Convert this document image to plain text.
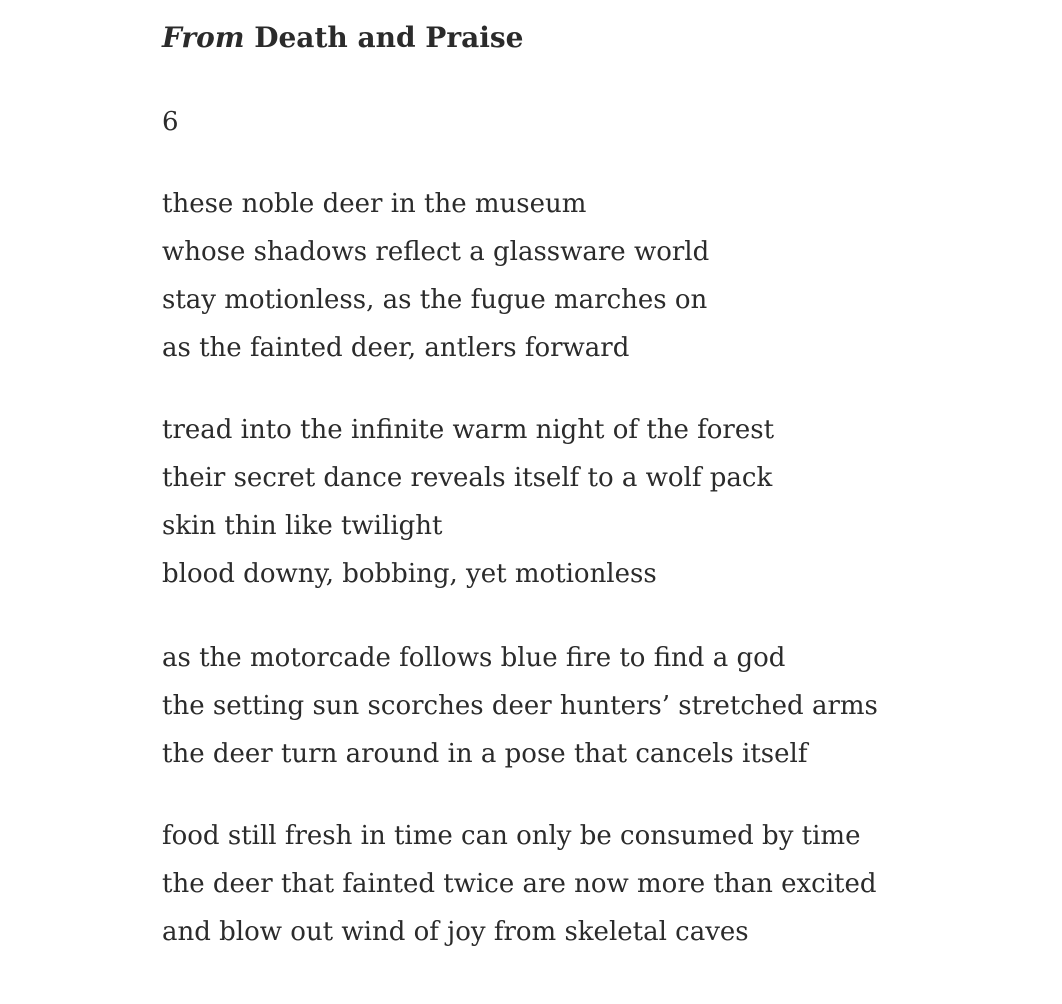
From Death and Praise

6

these noble deer in the museum
whose shadows reflect a glassware world
stay motionless, as the fugue marches on
as the fainted deer, antlers forward
tread into the infinite warm night of the forest
their secret dance reveals itself to a wolf pack
skin thin like twilight
blood downy, bobbing, yet motionless
as the motorcade follows blue fire to find a god
the setting sun scorches deer hunters’ stretched arms
the deer turn around in a pose that cancels itself
food still fresh in time can only be consumed by time
the deer that fainted twice are now more than excited
and blow out wind of joy from skeletal caves
